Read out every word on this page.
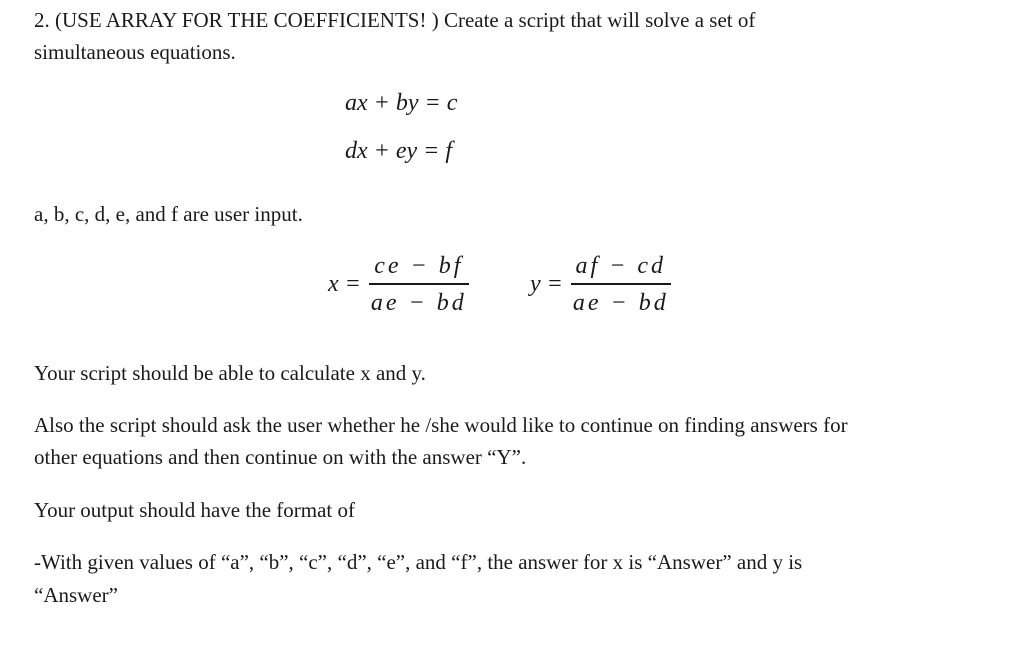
2. (USE ARRAY FOR THE COEFFICIENTS! ) Create a script that will solve a set of

simultaneous equations.

ax + by = c
dx + ey = f

a, b, c, d, e, and f are user input.

$x = \frac{ce - bf}{ae - bd}$	$y = \frac{af - cd}{ae - bd}$

Your script should be able to calculate x and y.

Also the script should ask the user whether he /she would like to continue on finding answers for

other equations and then continue on with the answer “Y”.

Your output should have the format of

-With given values of “a”, “b”, “c”, “d”, “e”, and “f”, the answer for x is “Answer” and y is

“Answer”
